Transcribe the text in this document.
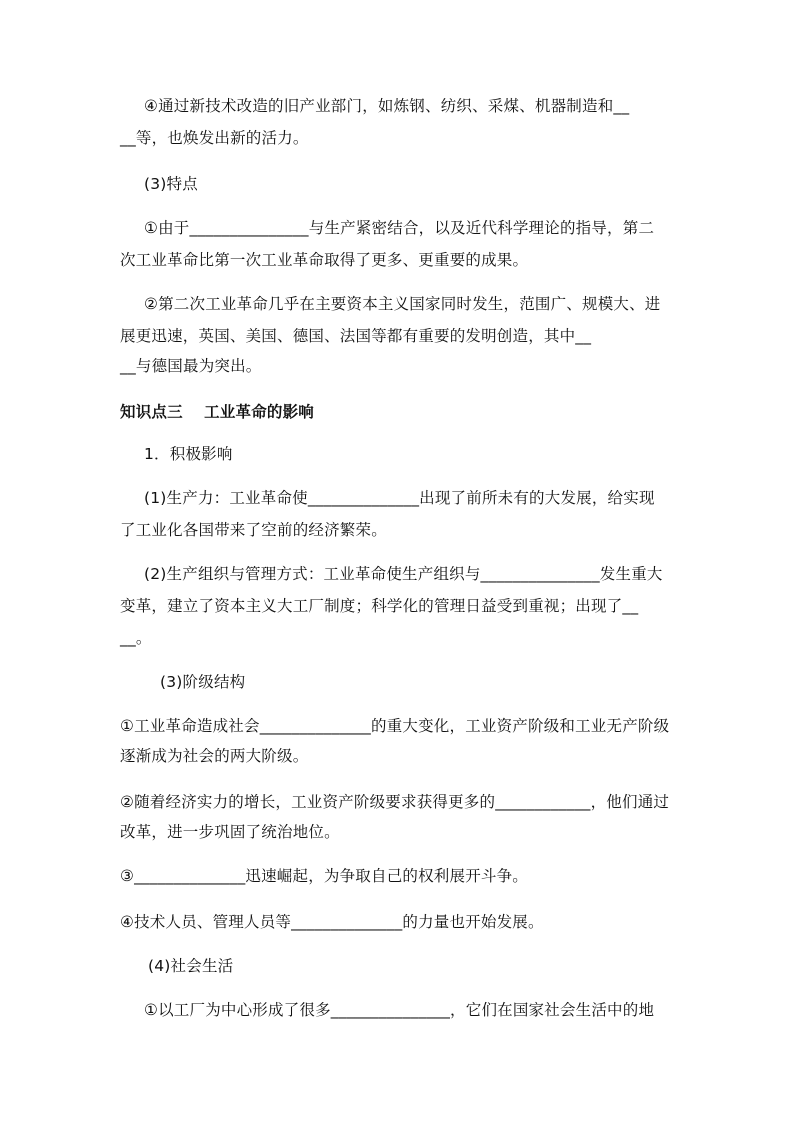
④通过新技术改造的旧产业部门，如炼钢、纺织、采煤、机器制造和__
__等，也焕发出新的活力。
(3)特点
①由于_______________与生产紧密结合，以及近代科学理论的指导，第二
次工业革命比第一次工业革命取得了更多、更重要的成果。
②第二次工业革命几乎在主要资本主义国家同时发生，范围广、规模大、进
展更迅速，英国、美国、德国、法国等都有重要的发明创造，其中__
__与德国最为突出。
知识点三　 工业革命的影响
1．积极影响
(1)生产力：工业革命使______________出现了前所未有的大发展，给实现
了工业化各国带来了空前的经济繁荣。
(2)生产组织与管理方式：工业革命使生产组织与_______________发生重大
变革，建立了资本主义大工厂制度；科学化的管理日益受到重视；出现了__
__。
(3)阶级结构
①工业革命造成社会______________的重大变化，工业资产阶级和工业无产阶级
逐渐成为社会的两大阶级。
②随着经济实力的增长，工业资产阶级要求获得更多的____________，他们通过
改革，进一步巩固了统治地位。
③______________迅速崛起，为争取自己的权利展开斗争。
④技术人员、管理人员等______________的力量也开始发展。
(4)社会生活
①以工厂为中心形成了很多_______________，它们在国家社会生活中的地
